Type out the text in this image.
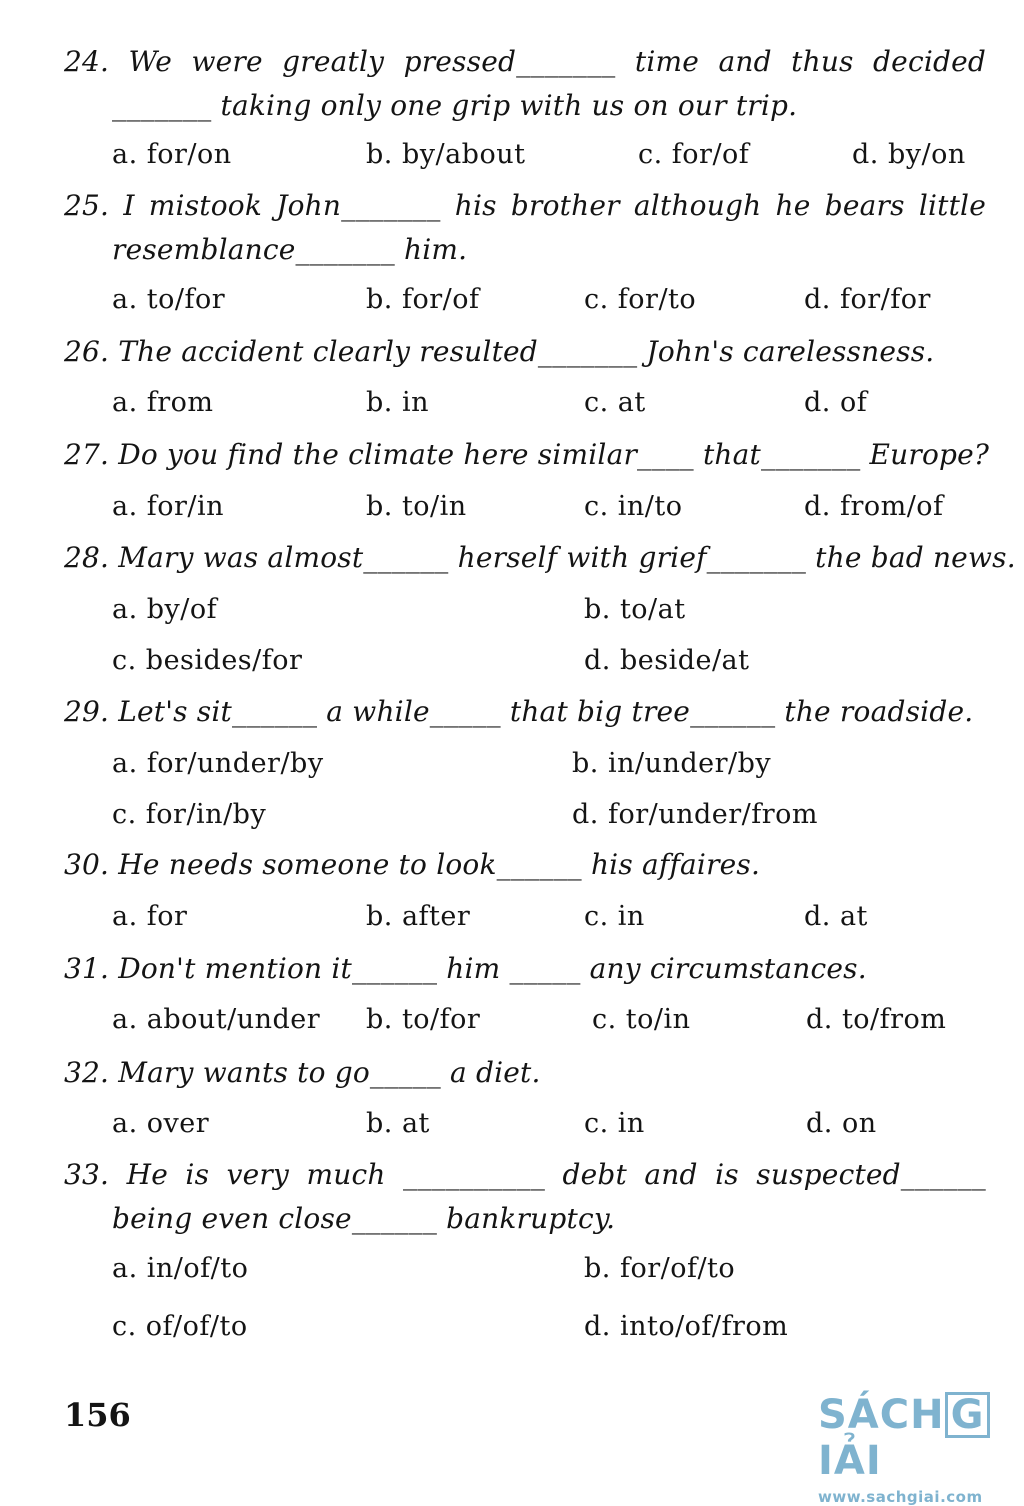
24. We were greatly pressed_______ time and thus decided
_______ taking only one grip with us on our trip.
a. for/on	b. by/about	c. for/of	d. by/on
25. I mistook John_______ his brother although he bears little
resemblance_______ him.
a. to/for	b. for/of	c. for/to	d. for/for
26. The accident clearly resulted_______ John's carelessness.
a. from	b. in	c. at	d. of
27. Do you find the climate here similar____ that_______ Europe?
a. for/in	b. to/in	c. in/to	d. from/of
28. Mary was almost______ herself with grief_______ the bad news.
a. by/of	b. to/at
c. besides/for	d. beside/at
29. Let's sit______ a while_____ that big tree______ the roadside.
a. for/under/by	b. in/under/by
c. for/in/by	d. for/under/from
30. He needs someone to look______ his affaires.
a. for	b. after	c. in	d. at
31. Don't mention it______ him _____ any circumstances.
a. about/under b. to/for	c. to/in	d. to/from
32. Mary wants to go_____ a diet.
a. over	b. at	c. in	d. on
33. He is very much __________ debt and is suspected______
being even close______ bankruptcy.
a. in/of/to	b. for/of/to
c. of/of/to	d. into/of/from
156	SÁCH GIẢI
www.sachgiai.com
